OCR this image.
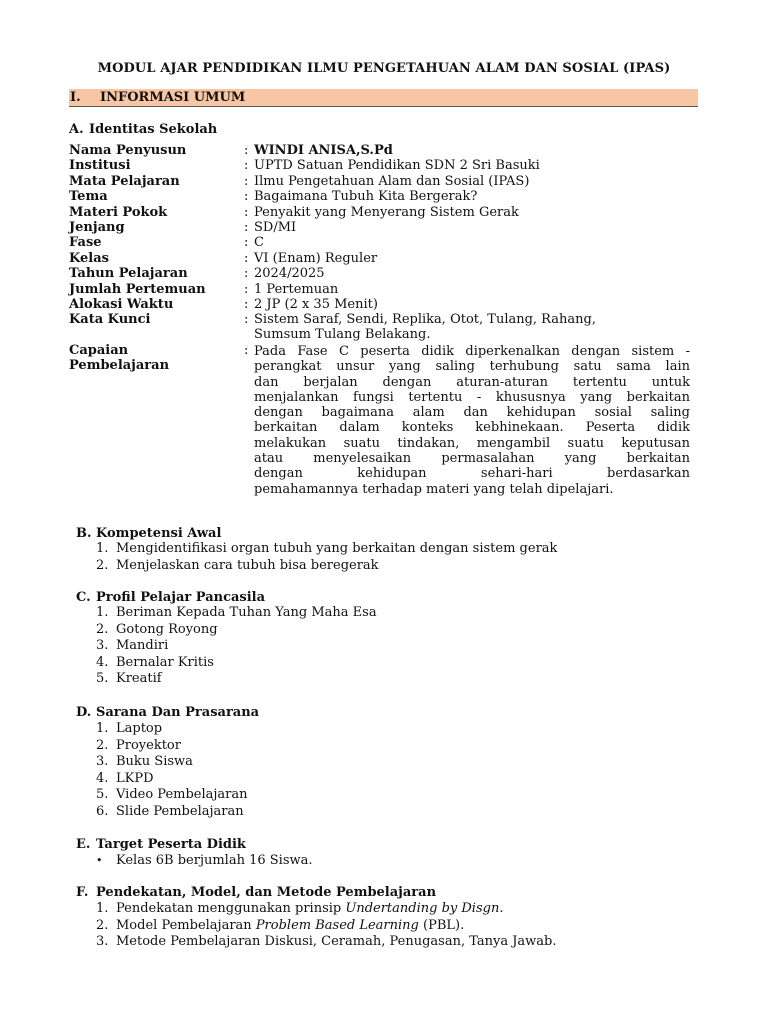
MODUL AJAR PENDIDIKAN ILMU PENGETAHUAN ALAM DAN SOSIAL (IPAS)
I. INFORMASI UMUM
A. Identitas Sekolah
Nama Penyusun	: WINDI ANISA,S.Pd
Institusi	: UPTD Satuan Pendidikan SDN 2 Sri Basuki
Mata Pelajaran	: Ilmu Pengetahuan Alam dan Sosial (IPAS)
Tema	: Bagaimana Tubuh Kita Bergerak?
Materi Pokok	: Penyakit yang Menyerang Sistem Gerak
Jenjang	: SD/MI
Fase	: C
Kelas	: VI (Enam) Reguler
Tahun Pelajaran	: 2024/2025
Jumlah Pertemuan	: 1 Pertemuan
Alokasi Waktu	: 2 JP (2 x 35 Menit)
Kata Kunci	: Sistem Saraf, Sendi, Replika, Otot, Tulang, Rahang,
Sumsum Tulang Belakang.
Capaian	:
Pembelajaran
Pada Fase C peserta didik diperkenalkan dengan sistem -
perangkat unsur yang saling terhubung satu sama lain
dan berjalan dengan aturan-aturan tertentu untuk
menjalankan fungsi tertentu - khususnya yang berkaitan
dengan bagaimana alam dan kehidupan sosial saling
berkaitan dalam konteks kebhinekaan. Peserta didik
melakukan suatu tindakan, mengambil suatu keputusan
atau menyelesaikan permasalahan yang berkaitan
dengan kehidupan sehari-hari berdasarkan
pemahamannya terhadap materi yang telah dipelajari.
B. Kompetensi Awal
1. Mengidentifikasi organ tubuh yang berkaitan dengan sistem gerak
2. Menjelaskan cara tubuh bisa beregerak
C. Profil Pelajar Pancasila
1. Beriman Kepada Tuhan Yang Maha Esa
2. Gotong Royong
3. Mandiri
4. Bernalar Kritis
5. Kreatif
D. Sarana Dan Prasarana
1. Laptop
2. Proyektor
3. Buku Siswa
4. LKPD
5. Video Pembelajaran
6. Slide Pembelajaran
E. Target Peserta Didik
• Kelas 6B berjumlah 16 Siswa.
F. Pendekatan, Model, dan Metode Pembelajaran
1. Pendekatan menggunakan prinsip Undertanding by Disgn.
2. Model Pembelajaran Problem Based Learning (PBL).
3. Metode Pembelajaran Diskusi, Ceramah, Penugasan, Tanya Jawab.
